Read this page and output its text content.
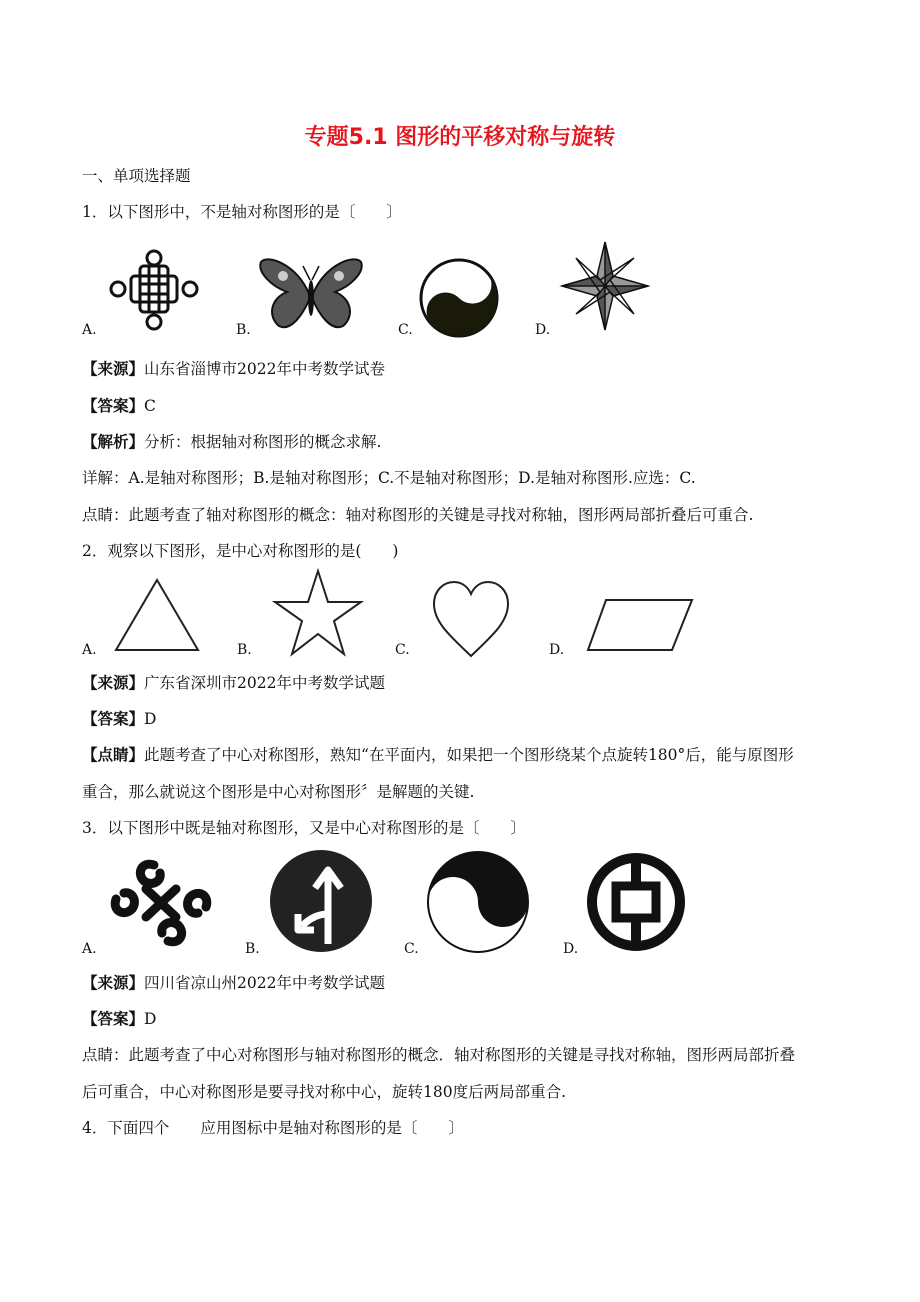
专题5.1 图形的平移对称与旋转
一、单项选择题
1．以下图形中，不是轴对称图形的是〔　　〕
A.	B.	C.	D.
【来源】山东省淄博市2022年中考数学试卷
【答案】C
【解析】分析：根据轴对称图形的概念求解.
详解：A.是轴对称图形；B.是轴对称图形；C.不是轴对称图形；D.是轴对称图形.应选：C.
点睛：此题考查了轴对称图形的概念：轴对称图形的关键是寻找对称轴，图形两局部折叠后可重合.
2．观察以下图形，是中心对称图形的是(　　)
A.	B.	C.	D.
【来源】广东省深圳市2022年中考数学试题
【答案】D
【点睛】此题考查了中心对称图形，熟知“在平面内，如果把一个图形绕某个点旋转180°后，能与原图形
重合，那么就说这个图形是中心对称图形〞是解题的关键.
3．以下图形中既是轴对称图形，又是中心对称图形的是〔　　〕
A.	B.	C.	D.
【来源】四川省凉山州2022年中考数学试题
【答案】D
点睛：此题考查了中心对称图形与轴对称图形的概念．轴对称图形的关键是寻找对称轴，图形两局部折叠
后可重合，中心对称图形是要寻找对称中心，旋转180度后两局部重合.
4．下面四个　　应用图标中是轴对称图形的是〔　　〕
